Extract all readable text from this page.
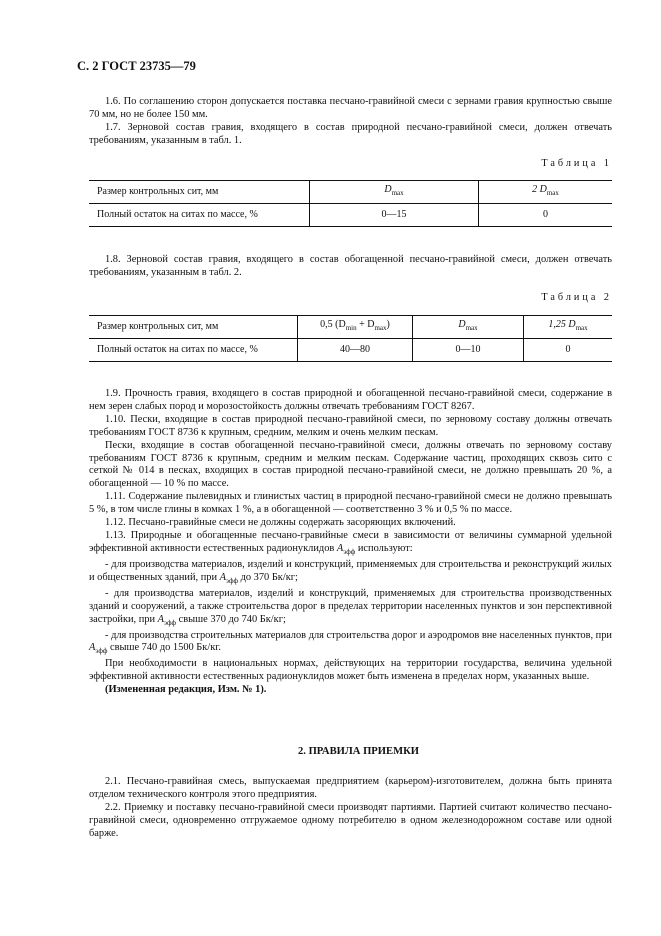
С. 2 ГОСТ 23735—79

1.6. По соглашению сторон допускается поставка песчано-гравийной смеси с зернами гравия крупностью свыше 70 мм, но не более 150 мм.

1.7. Зерновой состав гравия, входящего в состав природной песчано-гравийной смеси, должен отвечать требованиям, указанным в табл. 1.

Таблица 1

Размер контрольных сит, мм	$D_{max}$	2 $D_{max}$
Полный остаток на ситах по массе, %	0—15	0

1.8. Зерновой состав гравия, входящего в состав обогащенной песчано-гравийной смеси, должен отвечать требованиям, указанным в табл. 2.

Таблица 2

Размер контрольных сит, мм	0,5 $(D_{min} + D_{max})$	$D_{max}$	1,25 $D_{max}$
Полный остаток на ситах по массе, %	40—80	0—10	0

1.9. Прочность гравия, входящего в состав природной и обогащенной песчано-гравийной смеси, содержание в нем зерен слабых пород и морозостойкость должны отвечать требованиям ГОСТ 8267.

1.10. Пески, входящие в состав природной песчано-гравийной смеси, по зерновому составу должны отвечать требованиям ГОСТ 8736 к крупным, средним, мелким и очень мелким пескам.

Пески, входящие в состав обогащенной песчано-гравийной смеси, должны отвечать по зерновому составу требованиям ГОСТ 8736 к крупным, средним и мелким пескам. Содержание частиц, проходящих сквозь сито с сеткой № 014 в песках, входящих в состав природной песчано-гравийной смеси, не должно превышать 20 %, а обогащенной — 10 % по массе.

1.11. Содержание пылевидных и глинистых частиц в природной песчано-гравийной смеси не должно превышать 5 %, в том числе глины в комках 1 %, а в обогащенной — соответственно 3 % и 0,5 % по массе.

1.12. Песчано-гравийные смеси не должны содержать засоряющих включений.

1.13. Природные и обогащенные песчано-гравийные смеси в зависимости от величины суммарной удельной эффективной активности естественных радионуклидов $А_{эфф}$ используют:

- для производства материалов, изделий и конструкций, применяемых для строительства и реконструкций жилых и общественных зданий, при $А_{эфф}$ до 370 Бк/кг;

- для производства материалов, изделий и конструкций, применяемых для строительства производственных зданий и сооружений, а также строительства дорог в пределах территории населенных пунктов и зон перспективной застройки, при $А_{эфф}$ свыше 370 до 740 Бк/кг;

- для производства строительных материалов для строительства дорог и аэродромов вне населенных пунктов, при $А_{эфф}$ свыше 740 до 1500 Бк/кг.

При необходимости в национальных нормах, действующих на территории государства, величина удельной эффективной активности естественных радионуклидов может быть изменена в пределах норм, указанных выше.

(Измененная редакция, Изм. № 1).

2. ПРАВИЛА ПРИЕМКИ

2.1. Песчано-гравийная смесь, выпускаемая предприятием (карьером)-изготовителем, должна быть принята отделом технического контроля этого предприятия.

2.2. Приемку и поставку песчано-гравийной смеси производят партиями. Партией считают количество песчано-гравийной смеси, одновременно отгружаемое одному потребителю в одном железнодорожном составе или одной барже.
